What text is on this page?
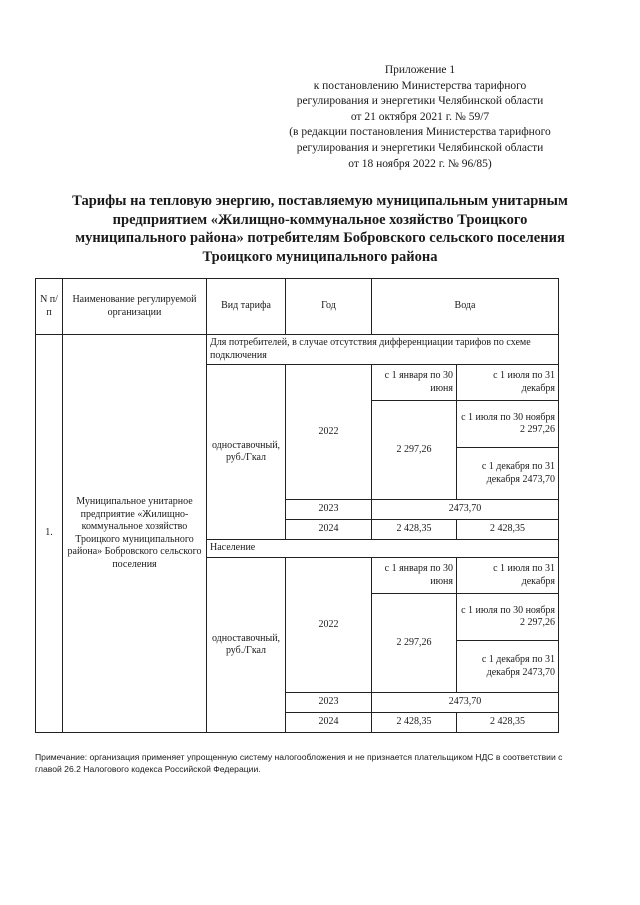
Приложение 1
к постановлению Министерства тарифного
регулирования и энергетики Челябинской области
от 21 октября 2021 г. № 59/7
(в редакции постановления Министерства тарифного
регулирования и энергетики Челябинской области
от 18 ноября 2022 г. № 96/85)
Тарифы на тепловую энергию, поставляемую муниципальным унитарным
предприятием «Жилищно-коммунальное хозяйство Троицкого
муниципального района» потребителям Бобровского сельского поселения
Троицкого муниципального района
N п/п	Наименование регулируемой организации	Вид тарифа	Год	Вода	
1.	Муниципальное унитарное предприятие «Жилищно-коммунальное хозяйство Троицкого муниципального района» Бобровского сельского поселения	Для потребителей, в случае отсутствия дифференциации тарифов по схеме подключения			
		одноставочный, руб./Гкал	2022	с 1 января по 30 июня	с 1 июля по 31 декабря
				2 297,26	с 1 июля по 30 ноября 2 297,26
					с 1 декабря по 31 декабря 2473,70
			2023	2473,70	
			2024	2 428,35	2 428,35
		Население			
		одноставочный, руб./Гкал	2022	с 1 января по 30 июня	с 1 июля по 31 декабря
				2 297,26	с 1 июля по 30 ноября 2 297,26
					с 1 декабря по 31 декабря 2473,70
			2023	2473,70	
			2024	2 428,35	2 428,35
Примечание: организация применяет упрощенную систему налогообложения и не признается плательщиком НДС в соответствии с главой 26.2 Налогового кодекса Российской Федерации.
